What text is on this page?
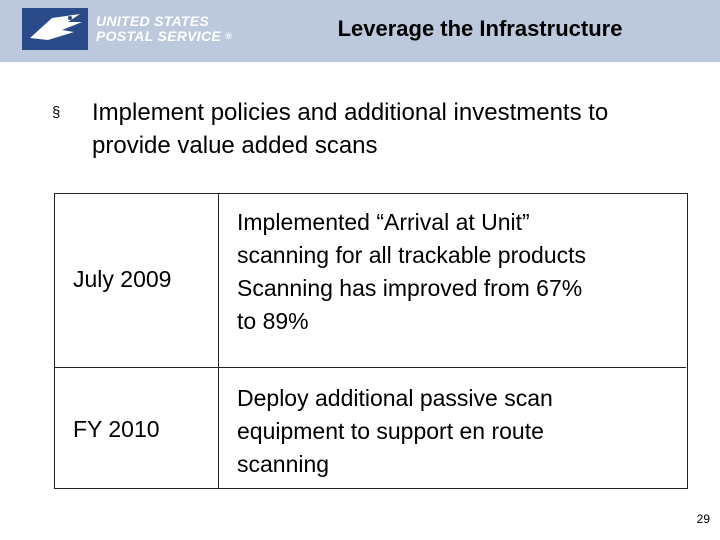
UNITED STATES
POSTAL SERVICE ®	Leverage the Infrastructure
§	Implement policies and additional investments to provide value added scans
July 2009
Implemented “Arrival at Unit”
scanning for all trackable products
Scanning has improved from 67%
to 89%
FY 2010
Deploy additional passive scan
equipment to support en route
scanning
29
